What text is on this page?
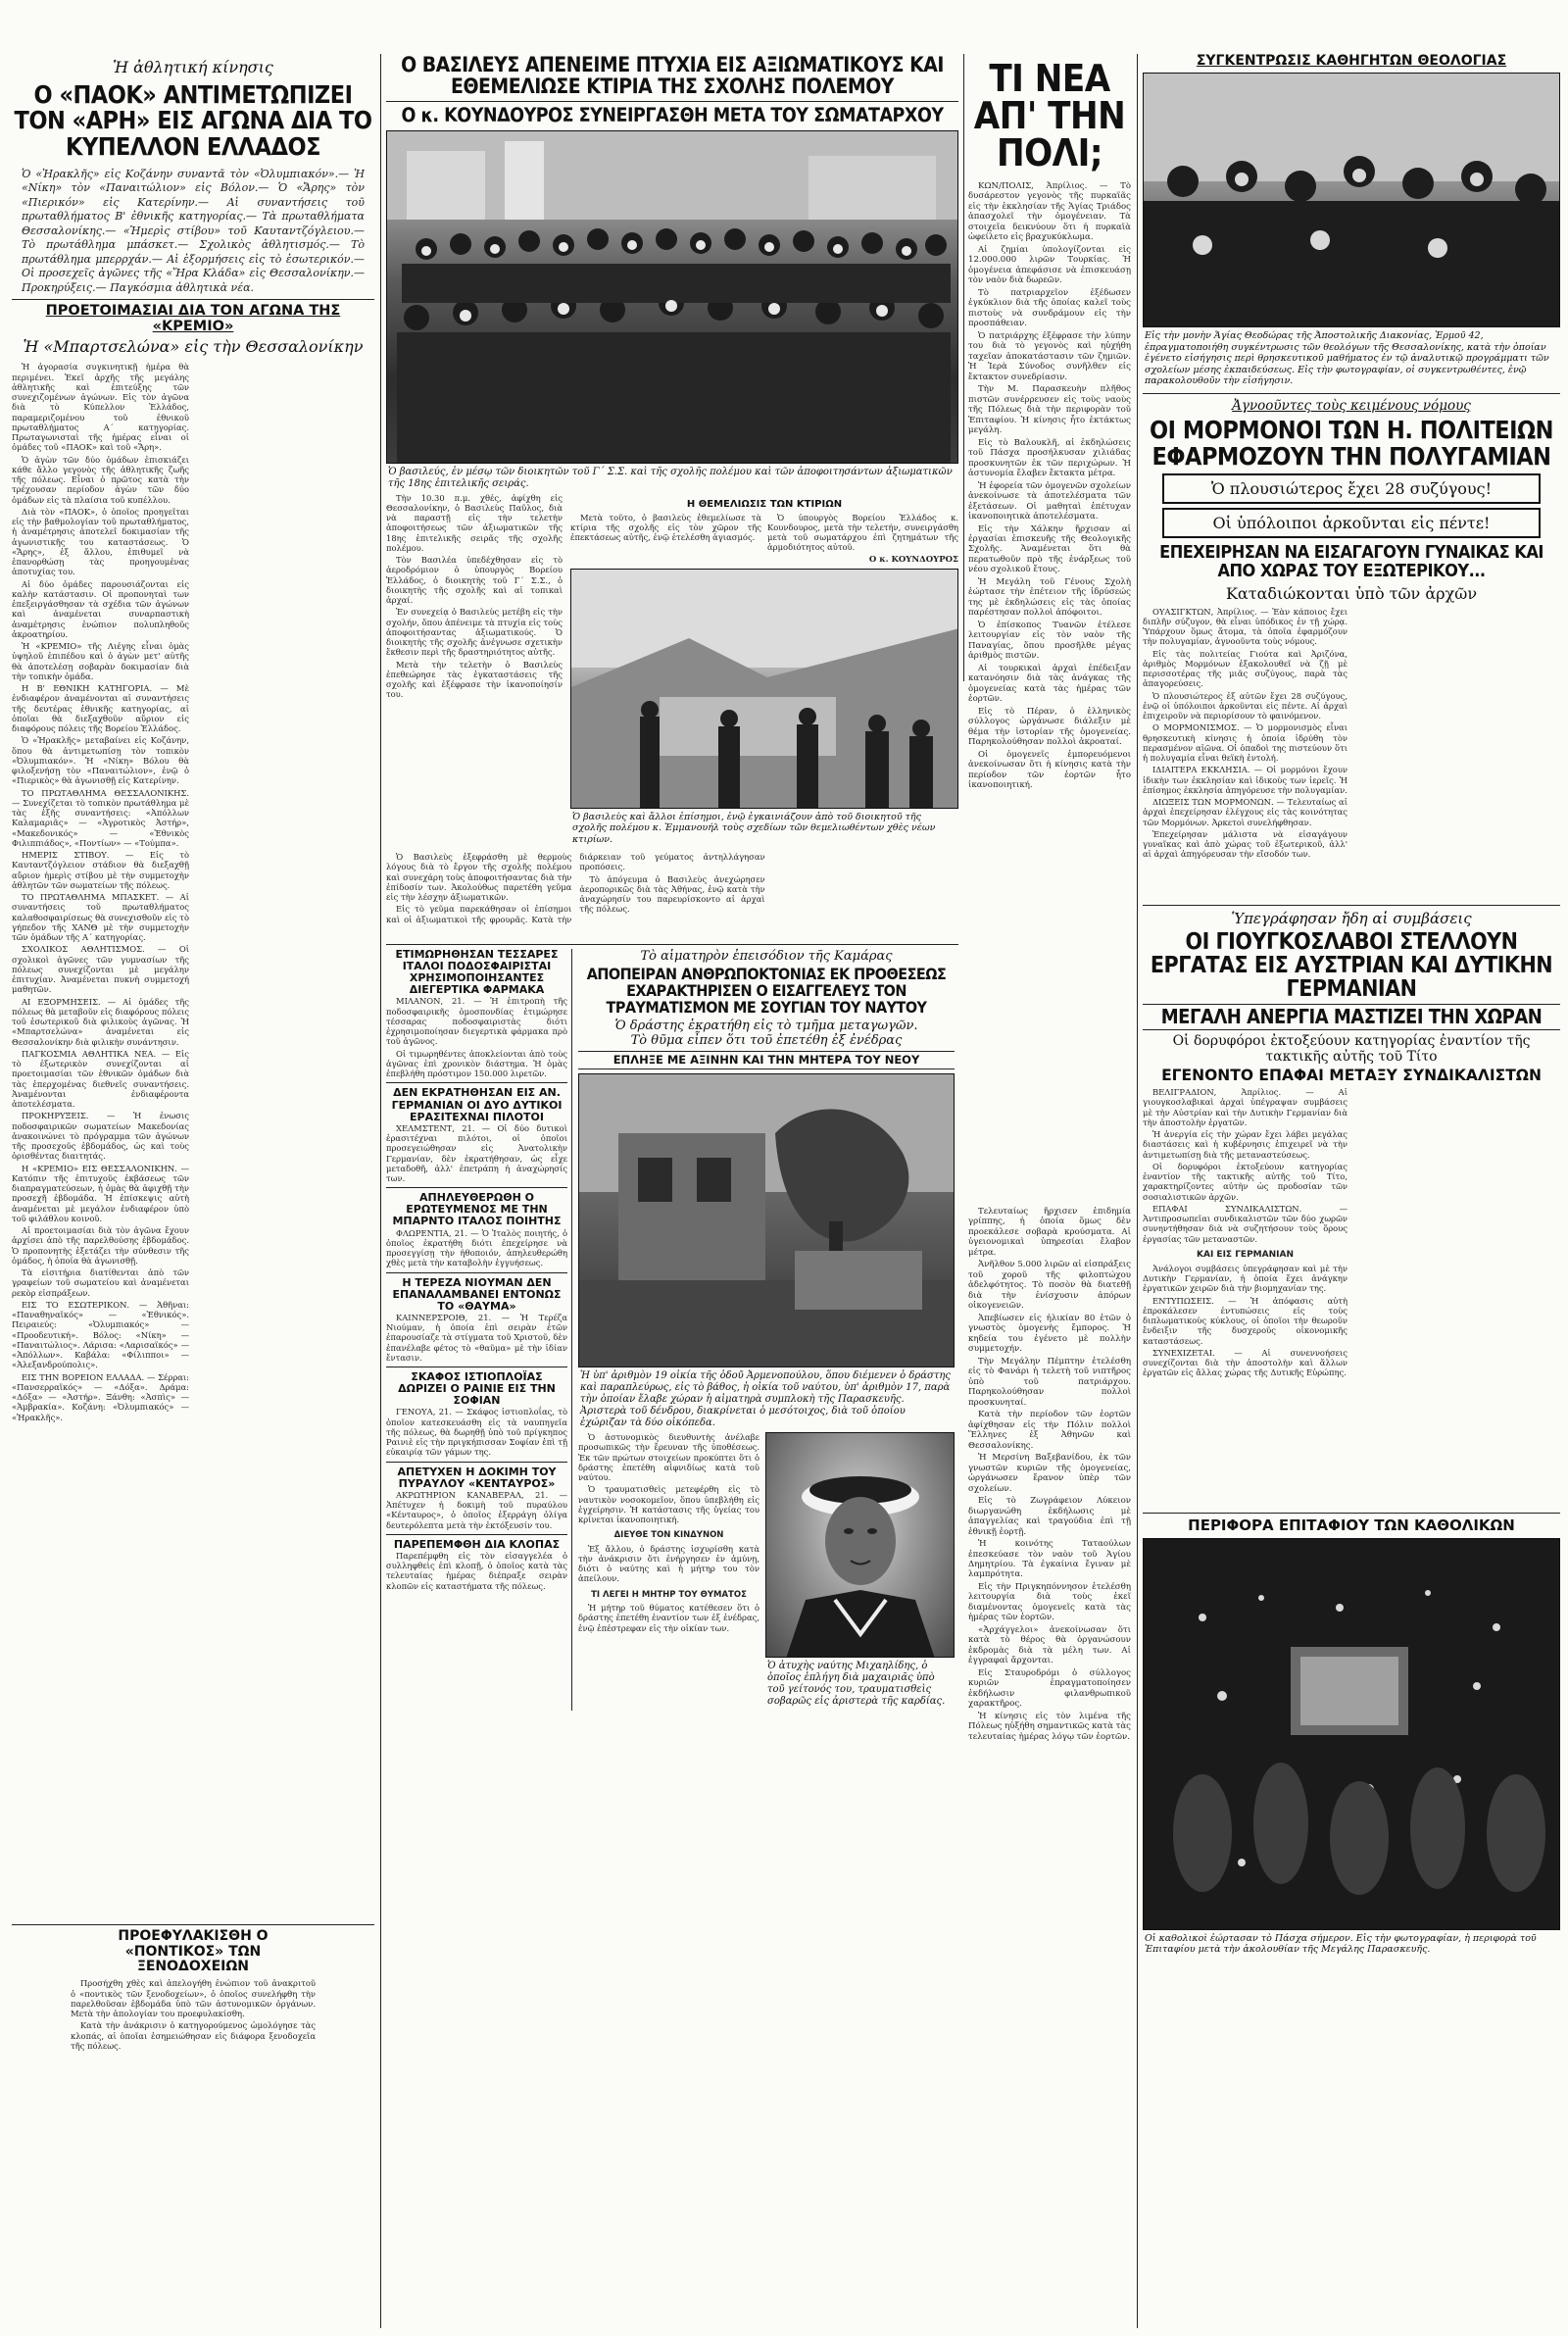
Ἡ ἀθλητική κίνησις
Ο «ΠΑΟΚ» ΑΝΤΙΜΕΤΩΠΙΖΕΙ ΤΟΝ «ΑΡΗ» ΕΙΣ ΑΓΩΝΑ ΔΙΑ ΤΟ ΚΥΠΕΛΛΟΝ ΕΛΛΑΔΟΣ
Ὁ «Ἡρακλῆς» εἰς Κοζάνην συναντᾶ τὸν «Ὀλυμπιακόν».— Ἡ «Νίκη» τὸν «Παναιτώλιον» εἰς Βόλον.— Ὁ «Ἄρης» τὸν «Πιερικόν» εἰς Κατερίνην.— Αἱ συναντήσεις τοῦ πρωταθλήματος Β' ἐθνικῆς κατηγορίας.— Τὰ πρωταθλήματα Θεσσαλονίκης.— «Ἡμερὶς στίβου» τοῦ Καυταντζόγλειου.— Τὸ πρωτάθλημα μπάσκετ.— Σχολικὸς ἀθλητισμός.— Τὸ πρωτάθλημα μπερρχάν.— Αἱ ἐξορμήσεις εἰς τὸ ἐσωτερικόν.— Οἱ προσεχεῖς ἀγῶνες τῆς «Ἥρα Κλάδα» εἰς Θεσσαλονίκην.— Προκηρύξεις.— Παγκόσμια ἀθλητικὰ νέα.
ΠΡΟΕΤΟΙΜΑΣΙΑΙ ΔΙΑ ΤΟΝ ΑΓΩΝΑ ΤΗΣ «ΚΡΕΜΙΟ»
Ἡ «Μπαρτσελώνα» εἰς τὴν Θεσσαλονίκην

Ἡ ἀγορασία συγκινητικῇ ἡμέρα θὰ περιμένει. Ἐκεῖ ἀρχῆς τῆς μεγάλης ἀθλητικῆς καὶ ἐπιτεύξης τῶν συνεχιζομένων ἀγώνων. Εἰς τὸν ἀγῶνα διὰ τὸ Κύπελλον Ἑλλάδος, παραμεριζομένου τοῦ ἐθνικοῦ πρωταθλήματος Α΄ κατηγορίας. Πρωταγωνισταὶ τῆς ἡμέρας εἶναι οἱ ὁμάδες τοῦ «ΠΑΟΚ» καὶ τοῦ «Ἄρη».

Ὁ ἀγὼν τῶν δύο ὁμάδων ἐπισκιάζει κάθε ἄλλο γεγονὸς τῆς ἀθλητικῆς ζωῆς τῆς πόλεως. Εἶναι ὁ πρῶτος κατὰ τὴν τρέχουσαν περίοδον ἀγὼν τῶν δύο ὁμάδων εἰς τὰ πλαίσια τοῦ κυπέλλου.

Διὰ τὸν «ΠΑΟΚ», ὁ ὁποῖος προηγεῖται εἰς τὴν βαθμολογίαν τοῦ πρωταθλήματος, ἡ ἀναμέτρησις ἀποτελεῖ δοκιμασίαν τῆς ἀγωνιστικῆς του καταστάσεως. Ὁ «Ἄρης», ἐξ ἄλλου, ἐπιθυμεῖ νὰ ἐπανορθώσῃ τὰς προηγουμένας ἀποτυχίας του.

Αἱ δύο ὁμάδες παρουσιάζονται εἰς καλὴν κατάστασιν. Οἱ προπονηταὶ των ἐπεξειργάσθησαν τὰ σχέδια τῶν ἀγώνων καὶ ἀναμένεται συναρπαστικὴ ἀναμέτρησις ἐνώπιον πολυπληθοῦς ἀκροατηρίου.

Ἡ «ΚΡΕΜΙΟ» τῆς Λιέγης εἶναι ὁμὰς ὑψηλοῦ ἐπιπέδου καὶ ὁ ἀγὼν μετ' αὐτῆς θὰ ἀποτελέσῃ σοβαρὰν δοκιμασίαν διὰ τὴν τοπικὴν ὁμάδα.

Η Β' ΕΘΝΙΚΗ ΚΑΤΗΓΟΡΙΑ. — Μὲ ἐνδιαφέρον ἀναμένονται αἱ συναντήσεις τῆς δευτέρας ἐθνικῆς κατηγορίας, αἱ ὁποῖαι θὰ διεξαχθοῦν αὔριον εἰς διαφόρους πόλεις τῆς Βορείου Ἑλλάδος.

Ὁ «Ἡρακλῆς» μεταβαίνει εἰς Κοζάνην, ὅπου θὰ ἀντιμετωπίσῃ τὸν τοπικὸν «Ὀλυμπιακόν». Ἡ «Νίκη» Βόλου θὰ φιλοξενήσῃ τὸν «Παναιτώλιον», ἐνῷ ὁ «Πιερικὸς» θὰ ἀγωνισθῇ εἰς Κατερίνην.

ΤΟ ΠΡΩΤΑΘΛΗΜΑ ΘΕΣΣΑΛΟΝΙΚΗΣ. — Συνεχίζεται τὸ τοπικὸν πρωτάθλημα μὲ τὰς ἑξῆς συναντήσεις: «Ἀπόλλων Καλαμαριᾶς» — «Ἀγροτικὸς Ἀστήρ», «Μακεδονικός» — «Ἐθνικὸς Φιλιππιάδος», «Ποντίων» — «Τούμπα».

ΗΜΕΡΙΣ ΣΤΙΒΟΥ. — Εἰς τὸ Καυταντζόγλειον στάδιον θὰ διεξαχθῇ αὔριον ἡμερὶς στίβου μὲ τὴν συμμετοχὴν ἀθλητῶν τῶν σωματείων τῆς πόλεως.

ΤΟ ΠΡΩΤΑΘΛΗΜΑ ΜΠΑΣΚΕΤ. — Αἱ συναντήσεις τοῦ πρωταθλήματος καλαθοσφαιρίσεως θὰ συνεχισθοῦν εἰς τὸ γήπεδον τῆς ΧΑΝΘ μὲ τὴν συμμετοχὴν τῶν ὁμάδων τῆς Α΄ κατηγορίας.

ΣΧΟΛΙΚΟΣ ΑΘΛΗΤΙΣΜΟΣ. — Οἱ σχολικοὶ ἀγῶνες τῶν γυμνασίων τῆς πόλεως συνεχίζονται μὲ μεγάλην ἐπιτυχίαν. Ἀναμένεται πυκνὴ συμμετοχή μαθητῶν.

ΑΙ ΕΞΟΡΜΗΣΕΙΣ. — Αἱ ὁμάδες τῆς πόλεως θὰ μεταβοῦν εἰς διαφόρους πόλεις τοῦ ἐσωτερικοῦ διὰ φιλικοὺς ἀγῶνας. Ἡ «Μπαρτσελώνα» ἀναμένεται εἰς Θεσσαλονίκην διὰ φιλικὴν συνάντησιν.

ΠΑΓΚΟΣΜΙΑ ΑΘΛΗΤΙΚΑ ΝΕΑ. — Εἰς τὸ ἐξωτερικὸν συνεχίζονται αἱ προετοιμασίαι τῶν ἐθνικῶν ὁμάδων διὰ τὰς ἐπερχομένας διεθνεῖς συναντήσεις. Ἀναμένονται ἐνδιαφέροντα ἀποτελέσματα.

ΠΡΟΚΗΡΥΞΕΙΣ. — Ἡ ἐνωσις ποδοσφαιρικῶν σωματείων Μακεδονίας ἀνακοινώνει τὸ πρόγραμμα τῶν ἀγώνων τῆς προσεχοῦς ἑβδομάδος, ὡς καὶ τοὺς ὁρισθέντας διαιτητάς.

Η «ΚΡΕΜΙΟ» ΕΙΣ ΘΕΣΣΑΛΟΝΙΚΗΝ. — Κατόπιν τῆς ἐπιτυχοῦς ἐκβάσεως τῶν διαπραγματεύσεων, ἡ ὁμὰς θὰ ἀφιχθῇ τὴν προσεχῆ ἑβδομάδα. Ἡ ἐπίσκεψις αὐτὴ ἀναμένεται μὲ μεγάλον ἐνδιαφέρον ὑπὸ τοῦ φιλάθλου κοινοῦ.

Αἱ προετοιμασίαι διὰ τὸν ἀγῶνα ἔχουν ἀρχίσει ἀπὸ τῆς παρελθούσης ἑβδομάδος. Ὁ προπονητὴς ἐξετάζει τὴν σύνθεσιν τῆς ὁμάδος, ἡ ὁποία θὰ ἀγωνισθῇ.

Τὰ εἰσιτήρια διατίθενται ἀπὸ τῶν γραφείων τοῦ σωματείου καὶ ἀναμένεται ρεκὸρ εἰσπράξεων.

ΕΙΣ ΤΟ ΕΣΩΤΕΡΙΚΟΝ. — Ἀθῆναι: «Παναθηναϊκός» — «Ἐθνικός». Πειραιεύς: «Ὀλυμπιακός» — «Προοδευτική». Βόλος: «Νίκη» — «Παναιτώλιος». Λάρισα: «Λαρισαϊκός» — «Ἀπόλλων». Καβάλα: «Φίλιπποι» — «Ἀλεξανδρούπολις».

ΕΙΣ ΤΗΝ ΒΟΡΕΙΟΝ ΕΛΛΑΔΑ. — Σέρραι: «Πανσερραϊκός» — «Δόξα». Δράμα: «Δόξα» — «Ἀστήρ». Ξάνθη: «Ἀσπὶς» — «Ἀμβρακία». Κοζάνη: «Ὀλυμπιακός» — «Ἡρακλῆς».

ΠΡΟΕΦΥΛΑΚΙΣΘΗ Ο «ΠΟΝΤΙΚΟΣ» ΤΩΝ ΞΕΝΟΔΟΧΕΙΩΝ

Προσήχθη χθὲς καὶ ἀπελογήθη ἐνώπιον τοῦ ἀνακριτοῦ ὁ «ποντικὸς τῶν ξενοδοχείων», ὁ ὁποῖος συνελήφθη τὴν παρελθοῦσαν ἑβδομάδα ὑπὸ τῶν ἀστυνομικῶν ὀργάνων. Μετὰ τὴν ἀπολογίαν του προεφυλακίσθη.

Κατὰ τὴν ἀνάκρισιν ὁ κατηγορούμενος ὡμολόγησε τὰς κλοπάς, αἱ ὁποῖαι ἐσημειώθησαν εἰς διάφορα ξενοδοχεῖα τῆς πόλεως.

Ο ΒΑΣΙΛΕΥΣ ΑΠΕΝΕΙΜΕ ΠΤΥΧΙΑ ΕΙΣ ΑΞΙΩΜΑΤΙΚΟΥΣ ΚΑΙ ΕΘΕΜΕΛΙΩΣΕ ΚΤΙΡΙΑ ΤΗΣ ΣΧΟΛΗΣ ΠΟΛΕΜΟΥ
Ο κ. ΚΟΥΝΔΟΥΡΟΣ ΣΥΝΕΙΡΓΑΣΘΗ ΜΕΤΑ ΤΟΥ ΣΩΜΑΤΑΡΧΟΥ
Ὁ βασιλεύς, ἐν μέσῳ τῶν διοικητῶν τοῦ Γ΄ Σ.Σ. καὶ τῆς σχολῆς πολέμου καὶ τῶν ἀποφοιτησάντων ἀξιωματικῶν τῆς 18ης ἐπιτελικῆς σειράς.

Τὴν 10.30 π.μ. χθές, ἀφίχθη εἰς Θεσσαλονίκην, ὁ Βασιλεὺς Παῦλος, διὰ νὰ παραστῇ εἰς τὴν τελετὴν ἀποφοιτήσεως τῶν ἀξιωματικῶν τῆς 18ης ἐπιτελικῆς σειρᾶς τῆς σχολῆς πολέμου.

Τὸν Βασιλέα ὑπεδέχθησαν εἰς τὸ ἀεροδρόμιον ὁ ὑπουργὸς Βορείου Ἑλλάδος, ὁ διοικητὴς τοῦ Γ΄ Σ.Σ., ὁ διοικητὴς τῆς σχολῆς καὶ αἱ τοπικαὶ ἀρχαί.

Ἐν συνεχείᾳ ὁ Βασιλεὺς μετέβη εἰς τὴν σχολήν, ὅπου ἀπένειμε τὰ πτυχία εἰς τοὺς ἀποφοιτήσαντας ἀξιωματικούς. Ὁ διοικητὴς τῆς σχολῆς ἀνέγνωσε σχετικὴν ἔκθεσιν περὶ τῆς δραστηριότητος αὐτῆς.

Μετὰ τὴν τελετὴν ὁ Βασιλεὺς ἐπεθεώρησε τὰς ἐγκαταστάσεις τῆς σχολῆς καὶ ἐξέφρασε τὴν ἱκανοποίησίν του.

Η ΘΕΜΕΛΙΩΣΙΣ ΤΩΝ ΚΤΙΡΙΩΝ

Μετὰ τοῦτο, ὁ βασιλεὺς ἐθεμελίωσε τὰ κτίρια τῆς σχολῆς εἰς τὸν χῶρον τῆς ἐπεκτάσεως αὐτῆς, ἐνῷ ἐτελέσθη ἁγιασμός.

Ὁ ὑπουργὸς Βορείου Ἑλλάδος κ. Κουνδουρος, μετὰ τὴν τελετήν, συνειργάσθη μετὰ τοῦ σωματάρχου ἐπὶ ζητημάτων τῆς ἁρμοδιότητος αὐτοῦ.

Ο κ. ΚΟΥΝΔΟΥΡΟΣ
Ὁ βασιλεὺς καὶ ἄλλοι ἐπίσημοι, ἐνῷ ἐγκαινιάζουν ἀπὸ τοῦ διοικητοῦ τῆς σχολῆς πολέμου κ. Ἐμμανουήλ τοὺς σχεδίων τῶν θεμελιωθέντων χθὲς νέων κτιρίων.

Ὁ Βασιλεὺς ἐξεφράσθη μὲ θερμοὺς λόγους διὰ τὸ ἔργον τῆς σχολῆς πολέμου καὶ συνεχάρη τοὺς ἀποφοιτήσαντας διὰ τὴν ἐπίδοσίν των. Ἀκολούθως παρετέθη γεῦμα εἰς τὴν λέσχην ἀξιωματικῶν.

Εἰς τὸ γεῦμα παρεκάθησαν οἱ ἐπίσημοι καὶ οἱ ἀξιωματικοὶ τῆς φρουρᾶς. Κατὰ τὴν διάρκειαν τοῦ γεύματος ἀντηλλάγησαν προπόσεις.

Τὸ ἀπόγευμα ὁ Βασιλεὺς ἀνεχώρησεν ἀεροπορικῶς διὰ τὰς Ἀθήνας, ἐνῷ κατὰ τὴν ἀναχώρησίν του παρευρίσκοντο αἱ ἀρχαὶ τῆς πόλεως.

ΕΤΙΜΩΡΗΘΗΣΑΝ ΤΕΣΣΑΡΕΣ ΙΤΑΛΟΙ ΠΟΔΟΣΦΑΙΡΙΣΤΑΙ ΧΡΗΣΙΜΟΠΟΙΗΣΑΝΤΕΣ ΔΙΕΓΕΡΤΙΚΑ ΦΑΡΜΑΚΑ

ΜΙΛΑΝΟΝ, 21. — Ἡ ἐπιτροπὴ τῆς ποδοσφαιρικῆς ὁμοσπονδίας ἐτιμώρησε τέσσαρας ποδοσφαιριστὰς διότι ἐχρησιμοποίησαν διεγερτικὰ φάρμακα πρὸ τοῦ ἀγῶνος.

Οἱ τιμωρηθέντες ἀποκλείονται ἀπὸ τοὺς ἀγῶνας ἐπὶ χρονικὸν διάστημα. Ἡ ὁμὰς ἐπεβλήθη πρόστιμον 150.000 λιρετῶν.

ΔΕΝ ΕΚΡΑΤΗΘΗΣΑΝ ΕΙΣ ΑΝ. ΓΕΡΜΑΝΙΑΝ ΟΙ ΔΥΟ ΔΥΤΙΚΟΙ ΕΡΑΣΙΤΕΧΝΑΙ ΠΙΛΟΤΟΙ

ΧΕΛΜΣΤΕΝΤ, 21. — Οἱ δύο δυτικοὶ ἐρασιτέχναι πιλότοι, οἱ ὁποῖοι προσεγειώθησαν εἰς Ἀνατολικὴν Γερμανίαν, δὲν ἐκρατήθησαν, ὡς εἶχε μεταδοθῆ, ἀλλ' ἐπετράπη ἡ ἀναχώρησίς των.

ΑΠΗΛΕΥΘΕΡΩΘΗ Ο ΕΡΩΤΕΥΜΕΝΟΣ ΜΕ ΤΗΝ ΜΠΑΡΝΤΟ ΙΤΑΛΟΣ ΠΟΙΗΤΗΣ

ΦΛΩΡΕΝΤΙΑ, 21. — Ὁ Ἰταλὸς ποιητής, ὁ ὁποῖος ἐκρατήθη διότι ἐπεχείρησε νὰ προσεγγίσῃ τὴν ἠθοποιόν, ἀπηλευθερώθη χθὲς μετὰ τὴν καταβολὴν ἐγγυήσεως.

Η ΤΕΡΕΖΑ ΝΙΟΥΜΑΝ ΔΕΝ ΕΠΑΝΑΛΑΜΒΑΝΕΙ ΕΝΤΟΝΩΣ ΤΟ «ΘΑΥΜΑ»

ΚΑΙΝΝΕΡΣΡΟΙΘ, 21. — Ἡ Τερέζα Νιούμαν, ἡ ὁποία ἐπὶ σειρὰν ἐτῶν ἐπαρουσίαζε τὰ στίγματα τοῦ Χριστοῦ, δὲν ἐπανέλαβε φέτος τὸ «θαῦμα» μὲ τὴν ἰδίαν ἔντασιν.

ΣΚΑΦΟΣ ΙΣΤΙΟΠΛΟΪΑΣ ΔΩΡΙΖΕΙ Ο ΡΑΙΝΙΕ ΕΙΣ ΤΗΝ ΣΟΦΙΑΝ

ΓΕΝΟΥΑ, 21. — Σκάφος ἱστιοπλοΐας, τὸ ὁποῖον κατεσκευάσθη εἰς τὰ ναυπηγεῖα τῆς πόλεως, θὰ δωρηθῇ ὑπὸ τοῦ πρίγκηπος Ραινιὲ εἰς τὴν πριγκήπισσαν Σοφίαν ἐπὶ τῇ εὐκαιρίᾳ τῶν γάμων της.

ΑΠΕΤΥΧΕΝ Η ΔΟΚΙΜΗ ΤΟΥ ΠΥΡΑΥΛΟΥ «ΚΕΝΤΑΥΡΟΣ»

ΑΚΡΩΤΗΡΙΟΝ ΚΑΝΑΒΕΡΑΛ, 21. — Ἀπέτυχεν ἡ δοκιμὴ τοῦ πυραύλου «Κένταυρος», ὁ ὁποῖος ἐξερράγη ὀλίγα δευτερόλεπτα μετὰ τὴν ἐκτόξευσίν του.

ΠΑΡΕΠΕΜΦΘΗ ΔΙΑ ΚΛΟΠΑΣ

Παρεπέμφθη εἰς τὸν εἰσαγγελέα ὁ συλληφθεὶς ἐπὶ κλοπῇ, ὁ ὁποῖος κατὰ τὰς τελευταίας ἡμέρας διέπραξε σειρὰν κλοπῶν εἰς καταστήματα τῆς πόλεως.

Τὸ αἱματηρὸν ἐπεισόδιον τῆς Καμάρας
ΑΠΟΠΕΙΡΑΝ ΑΝΘΡΩΠΟΚΤΟΝΙΑΣ ΕΚ ΠΡΟΘΕΣΕΩΣ ΕΧΑΡΑΚΤΗΡΙΣΕΝ Ο ΕΙΣΑΓΓΕΛΕΥΣ ΤΟΝ ΤΡΑΥΜΑΤΙΣΜΟΝ ΜΕ ΣΟΥΓΙΑΝ ΤΟΥ ΝΑΥΤΟΥ
Ὁ δράστης ἐκρατήθη εἰς τὸ τμῆμα μεταγωγῶν.
Τὸ θῦμα εἶπεν ὅτι τοῦ ἐπετέθη ἐξ ἐνέδρας
ΕΠΛΗΞΕ ΜΕ ΑΞΙΝΗΝ ΚΑΙ ΤΗΝ ΜΗΤΕΡΑ ΤΟΥ ΝΕΟΥ
Ἡ ὑπ' ἀριθμὸν 19 οἰκία τῆς ὁδοῦ Ἀρμενοπούλου, ὅπου διέμενεν ὁ δράστης καὶ παραπλεύρως, εἰς τὸ βάθος, ἡ οἰκία τοῦ ναύτου, ὑπ' ἀριθμὸν 17, παρὰ τὴν ὁποίαν ἔλαβε χώραν ἡ αἱματηρὰ συμπλοκὴ τῆς Παρασκευῆς. Ἀριστερὰ τοῦ δένδρου, διακρίνεται ὁ μεσότοιχος, διὰ τοῦ ὁποίου ἐχώριζαν τὰ δύο οἰκόπεδα.

Ὁ ἀστυνομικὸς διευθυντὴς ἀνέλαβε προσωπικῶς τὴν ἔρευναν τῆς ὑποθέσεως. Ἐκ τῶν πρώτων στοιχείων προκύπτει ὅτι ὁ δράστης ἐπετέθη αἰφνιδίως κατὰ τοῦ ναύτου.

Ὁ τραυματισθεὶς μετεφέρθη εἰς τὸ ναυτικὸν νοσοκομεῖον, ὅπου ὑπεβλήθη εἰς ἐγχείρησιν. Ἡ κατάστασις τῆς ὑγείας του κρίνεται ἱκανοποιητική.

ΔΙΕΥΘΕ ΤΟΝ ΚΙΝΔΥΝΟΝ

Ἐξ ἄλλου, ὁ δράστης ἰσχυρίσθη κατὰ τὴν ἀνάκρισιν ὅτι ἐνήργησεν ἐν ἀμύνῃ, διότι ὁ ναύτης καὶ ἡ μήτηρ του τὸν ἀπείλουν.

ΤΙ ΛΕΓΕΙ Η ΜΗΤΗΡ ΤΟΥ ΘΥΜΑΤΟΣ

Ἡ μήτηρ τοῦ θύματος κατέθεσεν ὅτι ὁ δράστης ἐπετέθη ἐναντίον των ἐξ ἐνέδρας, ἐνῷ ἐπέστρεφαν εἰς τὴν οἰκίαν των.

Ὁ ἀτυχὴς ναύτης Μιχαηλίδης, ὁ ὁποῖος ἐπλήγη διὰ μαχαιριᾶς ὑπὸ τοῦ γείτονός του, τραυματισθεὶς σοβαρῶς εἰς ἀριστερὰ τῆς καρδίας.
ΤΙ ΝΕΑ ΑΠ' ΤΗΝ ΠΟΛΙ;

ΚΩΝ/ΠΟΛΙΣ, Ἀπρίλιος. — Τὸ δυσάρεστον γεγονὸς τῆς πυρκαϊᾶς εἰς τὴν ἐκκλησίαν τῆς Ἁγίας Τριάδος ἀπασχολεῖ τὴν ὁμογένειαν. Τὰ στοιχεῖα δεικνύουν ὅτι ἡ πυρκαϊὰ ὠφείλετο εἰς βραχυκύκλωμα.

Αἱ ζημίαι ὑπολογίζονται εἰς 12.000.000 λιρῶν Τουρκίας. Ἡ ὁμογένεια ἀπεφάσισε νὰ ἐπισκευάσῃ τὸν ναὸν διὰ δωρεῶν.

Τὸ πατριαρχεῖον ἐξέδωσεν ἐγκύκλιον διὰ τῆς ὁποίας καλεῖ τοὺς πιστοὺς νὰ συνδράμουν εἰς τὴν προσπάθειαν.

Ὁ πατριάρχης ἐξέφρασε τὴν λύπην του διὰ τὸ γεγονὸς καὶ ηὐχήθη ταχεῖαν ἀποκατάστασιν τῶν ζημιῶν. Ἡ Ἱερὰ Σύνοδος συνῆλθεν εἰς ἔκτακτον συνεδρίασιν.

Τὴν Μ. Παρασκευὴν πλῆθος πιστῶν συνέρρευσεν εἰς τοὺς ναοὺς τῆς Πόλεως διὰ τὴν περιφορὰν τοῦ Ἐπιταφίου. Ἡ κίνησις ἦτο ἐκτάκτως μεγάλη.

Εἰς τὸ Βαλουκλῆ, αἱ ἐκδηλώσεις τοῦ Πάσχα προσήλκυσαν χιλιάδας προσκυνητῶν ἐκ τῶν περιχώρων. Ἡ ἀστυνομία ἔλαβεν ἔκτακτα μέτρα.

Ἡ ἐφορεία τῶν ὁμογενῶν σχολείων ἀνεκοίνωσε τὰ ἀποτελέσματα τῶν ἐξετάσεων. Οἱ μαθηταὶ ἐπέτυχαν ἱκανοποιητικὰ ἀποτελέσματα.

Εἰς τὴν Χάλκην ἤρχισαν αἱ ἐργασίαι ἐπισκευῆς τῆς Θεολογικῆς Σχολῆς. Ἀναμένεται ὅτι θὰ περατωθοῦν πρὸ τῆς ἐνάρξεως τοῦ νέου σχολικοῦ ἔτους.

Ἡ Μεγάλη τοῦ Γένους Σχολὴ ἑώρτασε τὴν ἐπέτειον τῆς ἱδρύσεώς της μὲ ἐκδηλώσεις εἰς τὰς ὁποίας παρέστησαν πολλοὶ ἀπόφοιτοι.

Ὁ ἐπίσκοπος Τυανῶν ἐτέλεσε λειτουργίαν εἰς τὸν ναὸν τῆς Παναγίας, ὅπου προσῆλθε μέγας ἀριθμὸς πιστῶν.

Αἱ τουρκικαὶ ἀρχαὶ ἐπέδειξαν κατανόησιν διὰ τὰς ἀνάγκας τῆς ὁμογενείας κατὰ τὰς ἡμέρας τῶν ἑορτῶν.

Εἰς τὸ Πέραν, ὁ ἑλληνικὸς σύλλογος ὠργάνωσε διάλεξιν μὲ θέμα τὴν ἱστορίαν τῆς ὁμογενείας. Παρηκολούθησαν πολλοὶ ἀκροαταί.

Οἱ ὁμογενεῖς ἐμπορευόμενοι ἀνεκοίνωσαν ὅτι ἡ κίνησις κατὰ τὴν περίοδον τῶν ἑορτῶν ἦτο ἱκανοποιητική.

Τελευταίως ἤρχισεν ἐπιδημία γρίππης, ἡ ὁποία ὅμως δὲν προεκάλεσε σοβαρὰ κρούσματα. Αἱ ὑγειονομικαὶ ὑπηρεσίαι ἔλαβον μέτρα.

Ἀνῆλθον 5.000 λιρῶν αἱ εἰσπράξεις τοῦ χοροῦ τῆς φιλοπτώχου ἀδελφότητος. Τὸ ποσὸν θὰ διατεθῇ διὰ τὴν ἐνίσχυσιν ἀπόρων οἰκογενειῶν.

Ἀπεβίωσεν εἰς ἡλικίαν 80 ἐτῶν ὁ γνωστὸς ὁμογενὴς ἔμπορος. Ἡ κηδεία του ἐγένετο μὲ πολλὴν συμμετοχήν.

Τὴν Μεγάλην Πέμπτην ἐτελέσθη εἰς τὸ Φανάρι ἡ τελετὴ τοῦ νιπτῆρος ὑπὸ τοῦ πατριάρχου. Παρηκολούθησαν πολλοὶ προσκυνηταί.

Κατὰ τὴν περίοδον τῶν ἑορτῶν ἀφίχθησαν εἰς τὴν Πόλιν πολλοὶ Ἕλληνες ἐξ Ἀθηνῶν καὶ Θεσσαλονίκης.

Ἡ Μερσίνη Βαξεβανίδου, ἐκ τῶν γνωστῶν κυριῶν τῆς ὁμογενείας, ὠργάνωσεν ἔρανον ὑπὲρ τῶν σχολείων.

Εἰς τὸ Ζωγράφειον Λύκειον διωργανώθη ἐκδήλωσις μὲ ἀπαγγελίας καὶ τραγούδια ἐπὶ τῇ ἐθνικῇ ἑορτῇ.

Ἡ κοινότης Ταταούλων ἐπεσκεύασε τὸν ναὸν τοῦ Ἁγίου Δημητρίου. Τὰ ἐγκαίνια ἔγιναν μὲ λαμπρότητα.

Εἰς τὴν Πριγκηπόννησον ἐτελέσθη λειτουργία διὰ τοὺς ἐκεῖ διαμένοντας ὁμογενεῖς κατὰ τὰς ἡμέρας τῶν ἑορτῶν.

«Ἀρχάγγελοι» ἀνεκοίνωσαν ὅτι κατὰ τὸ θέρος θὰ ὀργανώσουν ἐκδρομὰς διὰ τὰ μέλη των. Αἱ ἐγγραφαὶ ἄρχονται.

Εἰς Σταυροδρόμι ὁ σύλλογος κυριῶν ἐπραγματοποίησεν ἐκδήλωσιν φιλανθρωπικοῦ χαρακτῆρος.

Ἡ κίνησις εἰς τὸν λιμένα τῆς Πόλεως ηὐξήθη σημαντικῶς κατὰ τὰς τελευταίας ἡμέρας λόγῳ τῶν ἑορτῶν.

ΣΥΓΚΕΝΤΡΩΣΙΣ ΚΑΘΗΓΗΤΩΝ ΘΕΟΛΟΓΙΑΣ
Εἰς τὴν μονὴν Ἁγίας Θεοδώρας τῆς Ἀποστολικῆς Διακονίας, Ἐρμοῦ 42, ἐπραγματοποιήθη συγκέντρωσις τῶν θεολόγων τῆς Θεσσαλονίκης, κατὰ τὴν ὁποίαν ἐγένετο εἰσήγησις περὶ θρησκευτικοῦ μαθήματος ἐν τῷ ἀναλυτικῷ προγράμματι τῶν σχολείων μέσης ἐκπαιδεύσεως. Εἰς τὴν φωτογραφίαν, οἱ συγκεντρωθέντες, ἐνῷ παρακολουθοῦν τὴν εἰσήγησιν.
Ἀγνοοῦντες τοὺς κειμένους νόμους
ΟΙ ΜΟΡΜΟΝΟΙ ΤΩΝ Η. ΠΟΛΙΤΕΙΩΝ ΕΦΑΡΜΟΖΟΥΝ ΤΗΝ ΠΟΛΥΓΑΜΙΑΝ
Ὁ πλουσιώτερος ἔχει 28 συζύγους!
Οἱ ὑπόλοιποι ἀρκοῦνται εἰς πέντε!
ΕΠΕΧΕΙΡΗΣΑΝ ΝΑ ΕΙΣΑΓΑΓΟΥΝ ΓΥΝΑΙΚΑΣ ΚΑΙ ΑΠΟ ΧΩΡΑΣ ΤΟΥ ΕΞΩΤΕΡΙΚΟΥ...
Καταδιώκονται ὑπὸ τῶν ἀρχῶν

ΟΥΑΣΙΓΚΤΩΝ, Ἀπρίλιος. — Ἐὰν κάποιος ἔχει διπλῆν σύζυγον, θὰ εἶναι ὑπόδικος ἐν τῇ χώρᾳ. Ὑπάρχουν ὅμως ἄτομα, τὰ ὁποῖα ἐφαρμόζουν τὴν πολυγαμίαν, ἀγνοοῦντα τοὺς νόμους.

Εἰς τὰς πολιτείας Γιούτα καὶ Ἀριζόνα, ἀριθμὸς Μορμόνων ἐξακολουθεῖ νὰ ζῇ μὲ περισσοτέρας τῆς μιᾶς συζύγους, παρὰ τὰς ἀπαγορεύσεις.

Ὁ πλουσιώτερος ἐξ αὐτῶν ἔχει 28 συζύγους, ἐνῷ οἱ ὑπόλοιποι ἀρκοῦνται εἰς πέντε. Αἱ ἀρχαὶ ἐπιχειροῦν νὰ περιορίσουν τὸ φαινόμενον.

Ο ΜΟΡΜΟΝΙΣΜΟΣ. — Ὁ μορμονισμὸς εἶναι θρησκευτικὴ κίνησις ἡ ὁποία ἱδρύθη τὸν περασμένον αἰῶνα. Οἱ ὀπαδοὶ της πιστεύουν ὅτι ἡ πολυγαμία εἶναι θεϊκὴ ἐντολή.

ΙΔΙΑΙΤΕΡΑ ΕΚΚΛΗΣΙΑ. — Οἱ μορμόνοι ἔχουν ἰδικὴν των ἐκκλησίαν καὶ ἰδικοὺς των ἱερεῖς. Ἡ ἐπίσημος ἐκκλησία ἀπηγόρευσε τὴν πολυγαμίαν.

ΔΙΩΞΕΙΣ ΤΩΝ ΜΟΡΜΟΝΩΝ. — Τελευταίως αἱ ἀρχαὶ ἐπεχείρησαν ἐλέγχους εἰς τὰς κοινότητας τῶν Μορμόνων. Ἀρκετοὶ συνελήφθησαν.

Ἐπεχείρησαν μάλιστα νὰ εἰσαγάγουν γυναῖκας καὶ ἀπὸ χώρας τοῦ ἐξωτερικοῦ, ἀλλ' αἱ ἀρχαὶ ἀπηγόρευσαν τὴν εἴσοδόν των.

Ὑπεγράφησαν ἤδη αἱ συμβάσεις
ΟΙ ΓΙΟΥΓΚΟΣΛΑΒΟΙ ΣΤΕΛΛΟΥΝ ΕΡΓΑΤΑΣ ΕΙΣ ΑΥΣΤΡΙΑΝ ΚΑΙ ΔΥΤΙΚΗΝ ΓΕΡΜΑΝΙΑΝ
ΜΕΓΑΛΗ ΑΝΕΡΓΙΑ ΜΑΣΤΙΖΕΙ ΤΗΝ ΧΩΡΑΝ
Οἱ δορυφόροι ἐκτοξεύουν κατηγορίας ἐναντίον τῆς τακτικῆς αὐτῆς τοῦ Τίτο
ΕΓΕΝΟΝΤΟ ΕΠΑΦΑΙ ΜΕΤΑΞΥ ΣΥΝΔΙΚΑΛΙΣΤΩΝ

ΒΕΛΙΓΡΑΔΙΟΝ, Ἀπρίλιος. — Αἱ γιουγκοσλαβικαὶ ἀρχαὶ ὑπέγραψαν συμβάσεις μὲ τὴν Αὐστρίαν καὶ τὴν Δυτικὴν Γερμανίαν διὰ τὴν ἀποστολὴν ἐργατῶν.

Ἡ ἀνεργία εἰς τὴν χώραν ἔχει λάβει μεγάλας διαστάσεις καὶ ἡ κυβέρνησις ἐπιχειρεῖ νὰ τὴν ἀντιμετωπίσῃ διὰ τῆς μεταναστεύσεως.

Οἱ δορυφόροι ἐκτοξεύουν κατηγορίας ἐναντίον τῆς τακτικῆς αὐτῆς τοῦ Τίτο, χαρακτηρίζοντες αὐτὴν ὡς προδοσίαν τῶν σοσιαλιστικῶν ἀρχῶν.

ΕΠΑΦΑΙ ΣΥΝΔΙΚΑΛΙΣΤΩΝ. — Ἀντιπροσωπεῖαι συνδικαλιστῶν τῶν δύο χωρῶν συνηντήθησαν διὰ νὰ συζητήσουν τοὺς ὅρους ἐργασίας τῶν μεταναστῶν.

ΚΑΙ ΕΙΣ ΓΕΡΜΑΝΙΑΝ

Ἀνάλογοι συμβάσεις ὑπεγράφησαν καὶ μὲ τὴν Δυτικὴν Γερμανίαν, ἡ ὁποία ἔχει ἀνάγκην ἐργατικῶν χειρῶν διὰ τὴν βιομηχανίαν της.

ΕΝΤΥΠΩΣΕΙΣ. — Ἡ ἀπόφασις αὐτὴ ἐπροκάλεσεν ἐντυπώσεις εἰς τοὺς διπλωματικοὺς κύκλους, οἱ ὁποῖοι τὴν θεωροῦν ἔνδειξιν τῆς δυσχεροῦς οἰκονομικῆς καταστάσεως.

ΣΥΝΕΧΙΖΕΤΑΙ. — Αἱ συνεννοήσεις συνεχίζονται διὰ τὴν ἀποστολὴν καὶ ἄλλων ἐργατῶν εἰς ἄλλας χώρας τῆς Δυτικῆς Εὐρώπης.

ΠΕΡΙΦΟΡΑ ΕΠΙΤΑΦΙΟΥ ΤΩΝ ΚΑΘΟΛΙΚΩΝ
Οἱ καθολικοὶ ἐώρτασαν τὸ Πάσχα σήμερον. Εἰς τὴν φωτογραφίαν, ἡ περιφορὰ τοῦ Ἐπιταφίου μετὰ τὴν ἀκολουθίαν τῆς Μεγάλης Παρασκευῆς.
